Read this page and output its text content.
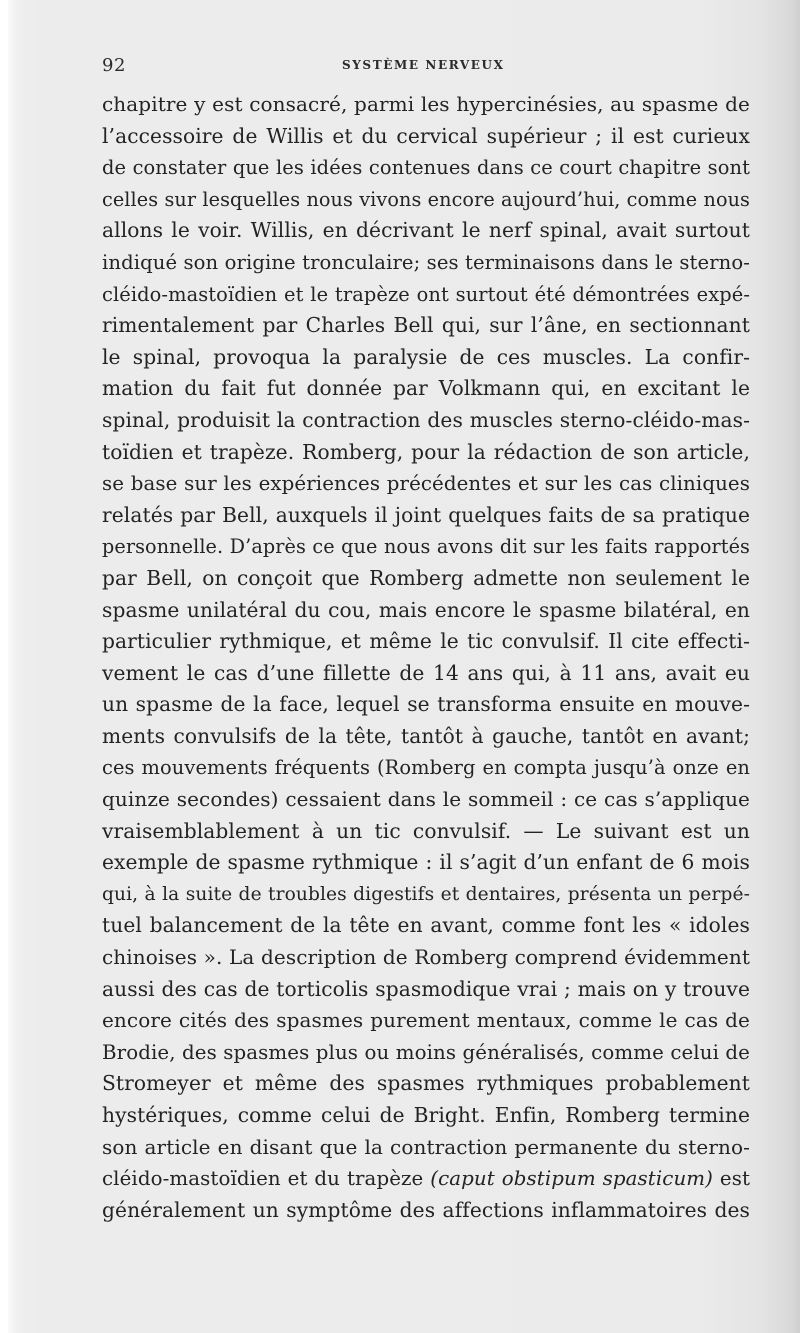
92	SYSTÈME NERVEUX
chapitre y est consacré, parmi les hypercinésies, au spasme de
l’accessoire de Willis et du cervical supérieur ; il est curieux
de constater que les idées contenues dans ce court chapitre sont
celles sur lesquelles nous vivons encore aujourd’hui, comme nous
allons le voir. Willis, en décrivant le nerf spinal, avait surtout
indiqué son origine tronculaire; ses terminaisons dans le sterno-
cléido-mastoïdien et le trapèze ont surtout été démontrées expé-
rimentalement par Charles Bell qui, sur l’âne, en sectionnant
le spinal, provoqua la paralysie de ces muscles. La confir-
mation du fait fut donnée par Volkmann qui, en excitant le
spinal, produisit la contraction des muscles sterno-cléido-mas-
toïdien et trapèze. Romberg, pour la rédaction de son article,
se base sur les expériences précédentes et sur les cas cliniques
relatés par Bell, auxquels il joint quelques faits de sa pratique
personnelle. D’après ce que nous avons dit sur les faits rapportés
par Bell, on conçoit que Romberg admette non seulement le
spasme unilatéral du cou, mais encore le spasme bilatéral, en
particulier rythmique, et même le tic convulsif. Il cite effecti-
vement le cas d’une fillette de 14 ans qui, à 11 ans, avait eu
un spasme de la face, lequel se transforma ensuite en mouve-
ments convulsifs de la tête, tantôt à gauche, tantôt en avant;
ces mouvements fréquents (Romberg en compta jusqu’à onze en
quinze secondes) cessaient dans le sommeil : ce cas s’applique
vraisemblablement à un tic convulsif. — Le suivant est un
exemple de spasme rythmique : il s’agit d’un enfant de 6 mois
qui, à la suite de troubles digestifs et dentaires, présenta un perpé-
tuel balancement de la tête en avant, comme font les « idoles
chinoises ». La description de Romberg comprend évidemment
aussi des cas de torticolis spasmodique vrai ; mais on y trouve
encore cités des spasmes purement mentaux, comme le cas de
Brodie, des spasmes plus ou moins généralisés, comme celui de
Stromeyer et même des spasmes rythmiques probablement
hystériques, comme celui de Bright. Enfin, Romberg termine
son article en disant que la contraction permanente du sterno-
cléido-mastoïdien et du trapèze (caput obstipum spasticum) est
généralement un symptôme des affections inflammatoires des
